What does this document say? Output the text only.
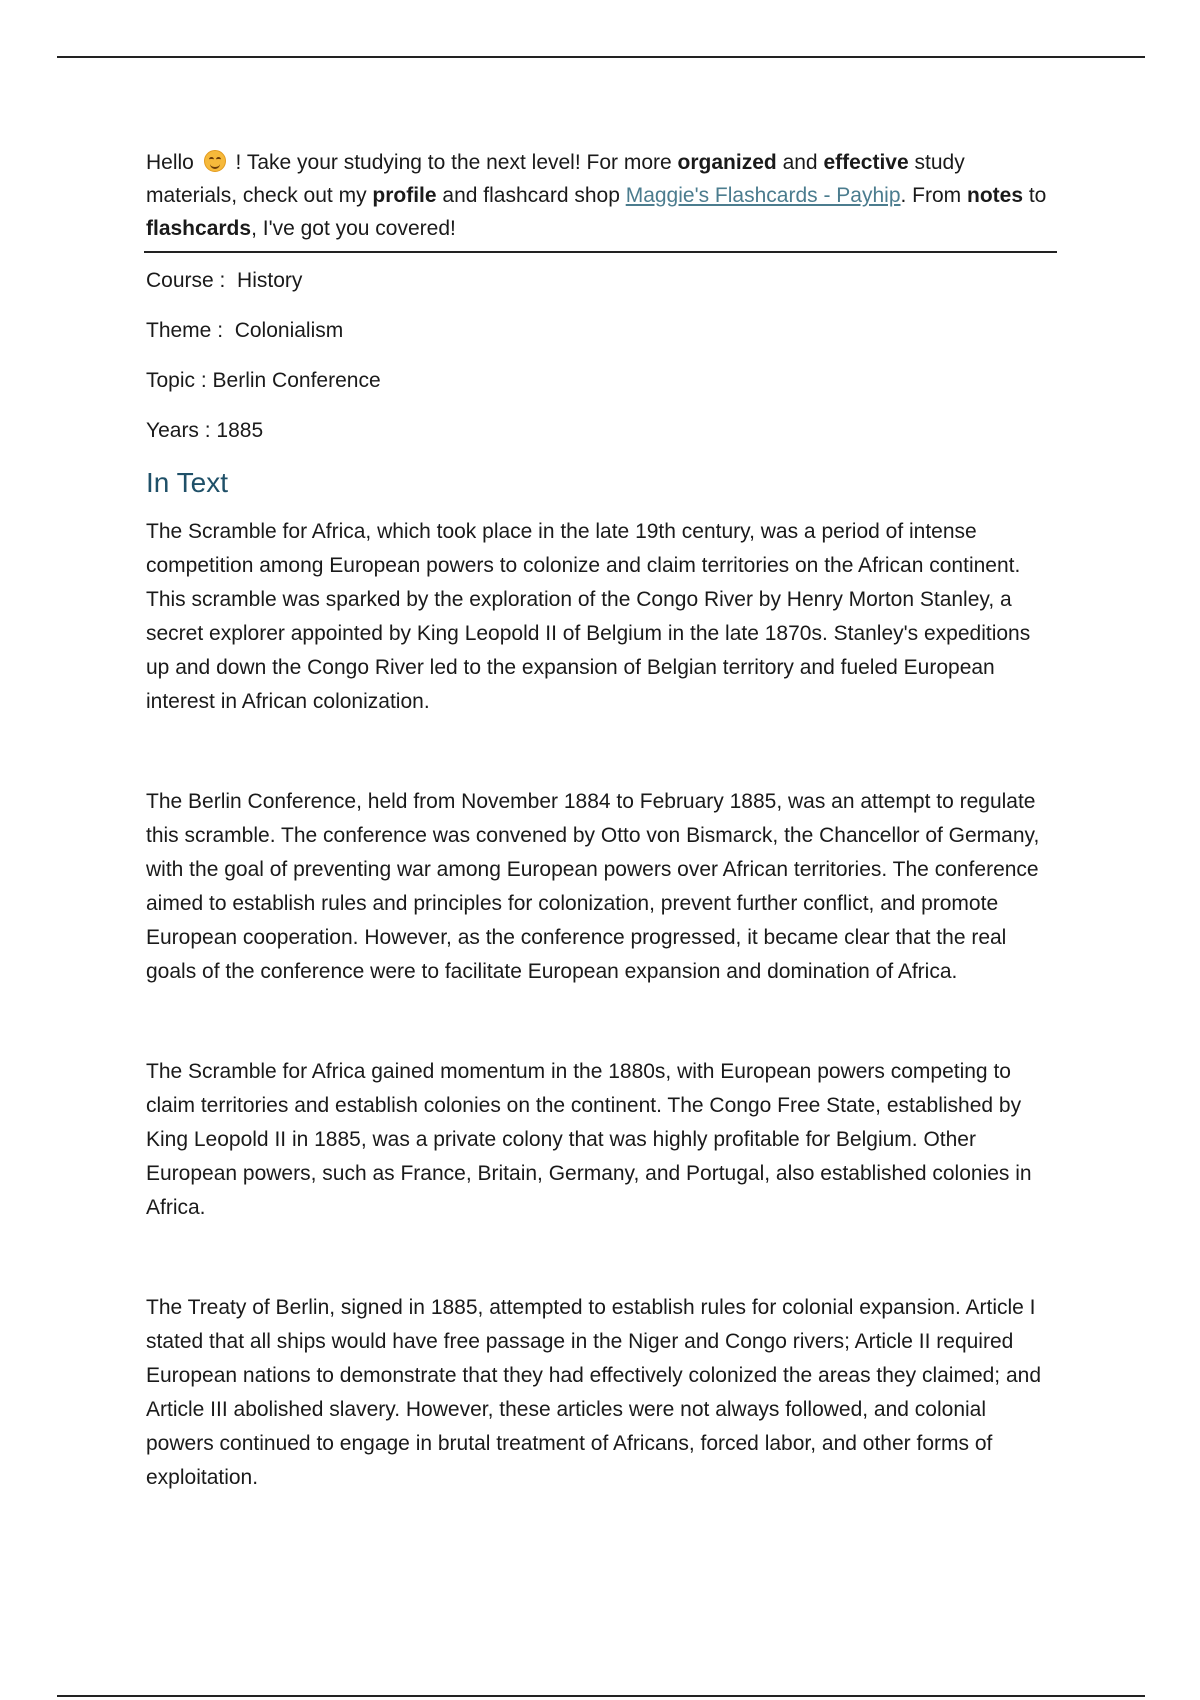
Hello
! Take your studying to the next level! For more organized and effective study materials, check out my profile and flashcard shop Maggie's Flashcards - Payhip. From notes to flashcards, I've got you covered!

Course :  History

Theme :  Colonialism

Topic : Berlin Conference

Years : 1885

In Text

The Scramble for Africa, which took place in the late 19th century, was a period of intense competition among European powers to colonize and claim territories on the African continent. This scramble was sparked by the exploration of the Congo River by Henry Morton Stanley, a secret explorer appointed by King Leopold II of Belgium in the late 1870s. Stanley's expeditions up and down the Congo River led to the expansion of Belgian territory and fueled European interest in African colonization.

The Berlin Conference, held from November 1884 to February 1885, was an attempt to regulate this scramble. The conference was convened by Otto von Bismarck, the Chancellor of Germany, with the goal of preventing war among European powers over African territories. The conference aimed to establish rules and principles for colonization, prevent further conflict, and promote European cooperation. However, as the conference progressed, it became clear that the real goals of the conference were to facilitate European expansion and domination of Africa.

The Scramble for Africa gained momentum in the 1880s, with European powers competing to claim territories and establish colonies on the continent. The Congo Free State, established by King Leopold II in 1885, was a private colony that was highly profitable for Belgium. Other European powers, such as France, Britain, Germany, and Portugal, also established colonies in Africa.

The Treaty of Berlin, signed in 1885, attempted to establish rules for colonial expansion. Article I stated that all ships would have free passage in the Niger and Congo rivers; Article II required European nations to demonstrate that they had effectively colonized the areas they claimed; and Article III abolished slavery. However, these articles were not always followed, and colonial powers continued to engage in brutal treatment of Africans, forced labor, and other forms of exploitation.
